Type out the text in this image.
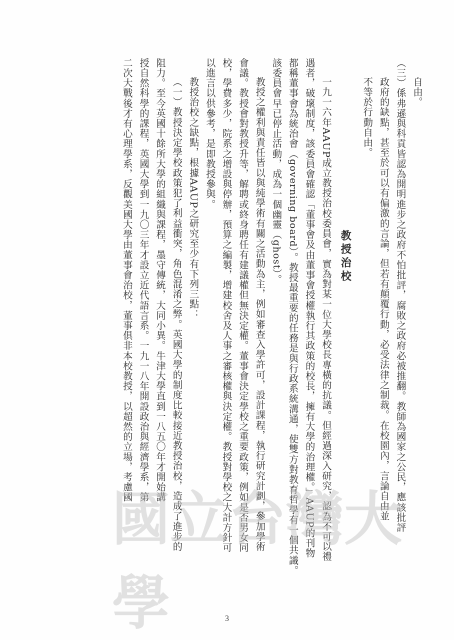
自由。
（三）係弗遜與科貢皆認為開明進步之政府不怕批評，腐敗之政府必被推翻。教師為國家之公民，應該批評
政府的缺點，甚至於可以有偏激的言論，但若有顛覆行動，必受法律之制裁。在校園內，言論自由並
不等於行動自由。
教授治校
一九一六年AAUP成立教授治校委員會，實為對某一位大學校長專橫的抗議。但經過深入研究，認為不可以禮
遇者，破壞制度，該委員會確認「董事會及由董事會授權執行其政策的校長，擁有大學的治理權。」AAUP的刊物
都稱董事會為統治會（governing board）。教授最重要的任務是與行政系統溝通，使雙方對教育哲學有一個共識。
該委員會早已停止活動，成為一個幽靈（ghost）。
教授之權利與責任皆以與純學術有關之活動為主，例如審查入學許可，設計課程，執行研究計劃，參加學術
會議。教授會對教授升等，解聘或終身聘任有建議權但無決定權。董事會決定學校之重要政策，例如是否男女同
校，學費多少，院系之增設與停辦，預算之編製，增建校舍及人事之審核權與決定權。教授對學校之大計方針可
以進言以供參考，是即教授參與。
教授治校之缺點，根據AAUP之研究至少有下列三點：
（一）教授決定學校政策犯了利益衝突，角色混淆之弊。英國大學的制度比較接近教授治校，造成了進步的
阻力。至今英國十餘所大學的組織與課程，墨守傳統，大同小異。牛津大學直到一八五〇年才開始講
授自然科學的課程，英國大學到一九〇三年才設立近代語言系。一九一八年開設政治與經濟學系，第
二次大戰後才有心理學系，反觀美國大學由董事會治校，董事俱非本校教授，以超然的立場，考慮國
國立台灣大學	3
